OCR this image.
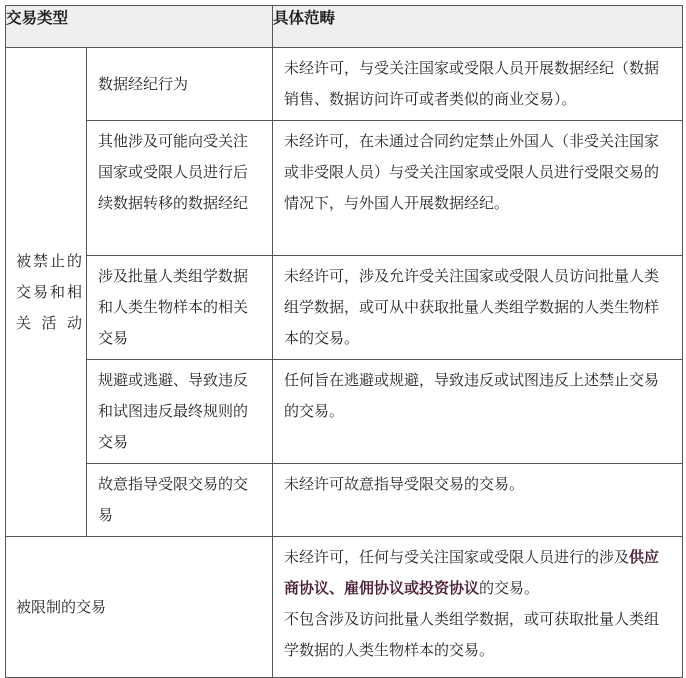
交易类型		具体范畴
被禁止的交易和相关活动	数据经纪行为	未经许可，与受关注国家或受限人员开展数据经纪（数据销售、数据访问许可或者类似的商业交易）。
	其他涉及可能向受关注国家或受限人员进行后续数据转移的数据经纪	未经许可，在未通过合同约定禁止外国人（非受关注国家或非受限人员）与受关注国家或受限人员进行受限交易的情况下，与外国人开展数据经纪。
	涉及批量人类组学数据和人类生物样本的相关交易	未经许可，涉及允许受关注国家或受限人员访问批量人类组学数据，或可从中获取批量人类组学数据的人类生物样本的交易。
	规避或逃避、导致违反和试图违反最终规则的交易	任何旨在逃避或规避，导致违反或试图违反上述禁止交易的交易。
	故意指导受限交易的交易	未经许可故意指导受限交易的交易。
被限制的交易		未经许可，任何与受关注国家或受限人员进行的涉及供应商协议、雇佣协议或投资协议的交易。
不包含涉及访问批量人类组学数据，或可获取批量人类组学数据的人类生物样本的交易。
